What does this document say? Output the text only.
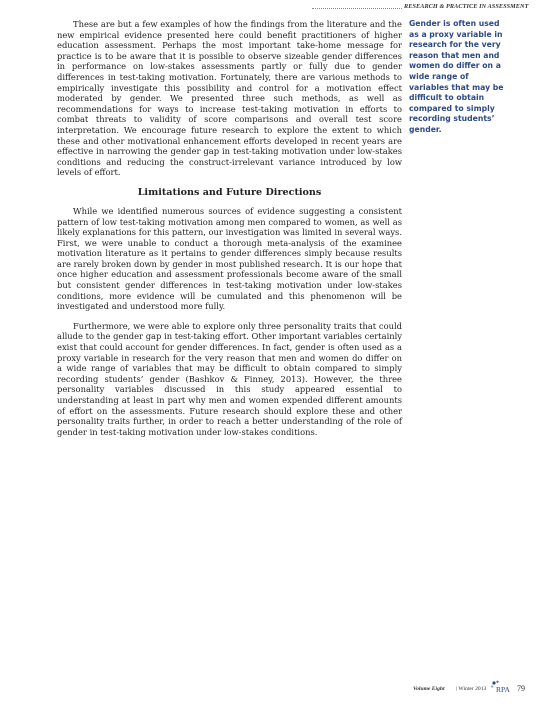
RESEARCH & PRACTICE IN ASSESSMENT

These are but a few examples of how the findings from the literature and the new empirical evidence presented here could benefit practitioners of higher education assessment. Perhaps the most important take-home message for practice is to be aware that it is possible to observe sizeable gender differences in performance on low-stakes assessments partly or fully due to gender differences in test-taking motivation. Fortunately, there are various methods to empirically investigate this possibility and control for a motivation effect moderated by gender. We presented three such methods, as well as recommendations for ways to increase test-taking motivation in efforts to combat threats to validity of score comparisons and overall test score interpretation. We encourage future research to explore the extent to which these and other motivational enhancement efforts developed in recent years are effective in narrowing the gender gap in test-taking motivation under low-stakes conditions and reducing the construct-irrelevant variance introduced by low levels of effort.

Limitations and Future Directions

While we identified numerous sources of evidence suggesting a consistent pattern of low test-taking motivation among men compared to women, as well as likely explanations for this pattern, our investigation was limited in several ways. First, we were unable to conduct a thorough meta-analysis of the examinee motivation literature as it pertains to gender differences simply because results are rarely broken down by gender in most published research. It is our hope that once higher education and assessment professionals become aware of the small but consistent gender differences in test-taking motivation under low-stakes conditions, more evidence will be cumulated and this phenomenon will be investigated and understood more fully.

Furthermore, we were able to explore only three personality traits that could allude to the gender gap in test-taking effort. Other important variables certainly exist that could account for gender differences. In fact, gender is often used as a proxy variable in research for the very reason that men and women do differ on a wide range of variables that may be difficult to obtain compared to simply recording students’ gender (Bashkov & Finney, 2013). However, the three personality variables discussed in this study appeared essential to understanding at least in part why men and women expended different amounts of effort on the assessments. Future research should explore these and other personality traits further, in order to reach a better understanding of the role of gender in test-taking motivation under low-stakes conditions.

Gender is often used as a proxy variable in research for the very reason that men and women do differ on a wide range of variables that may be difficult to obtain compared to simply recording students’ gender.
Volume Eight | Winter 2013 RPA 79
